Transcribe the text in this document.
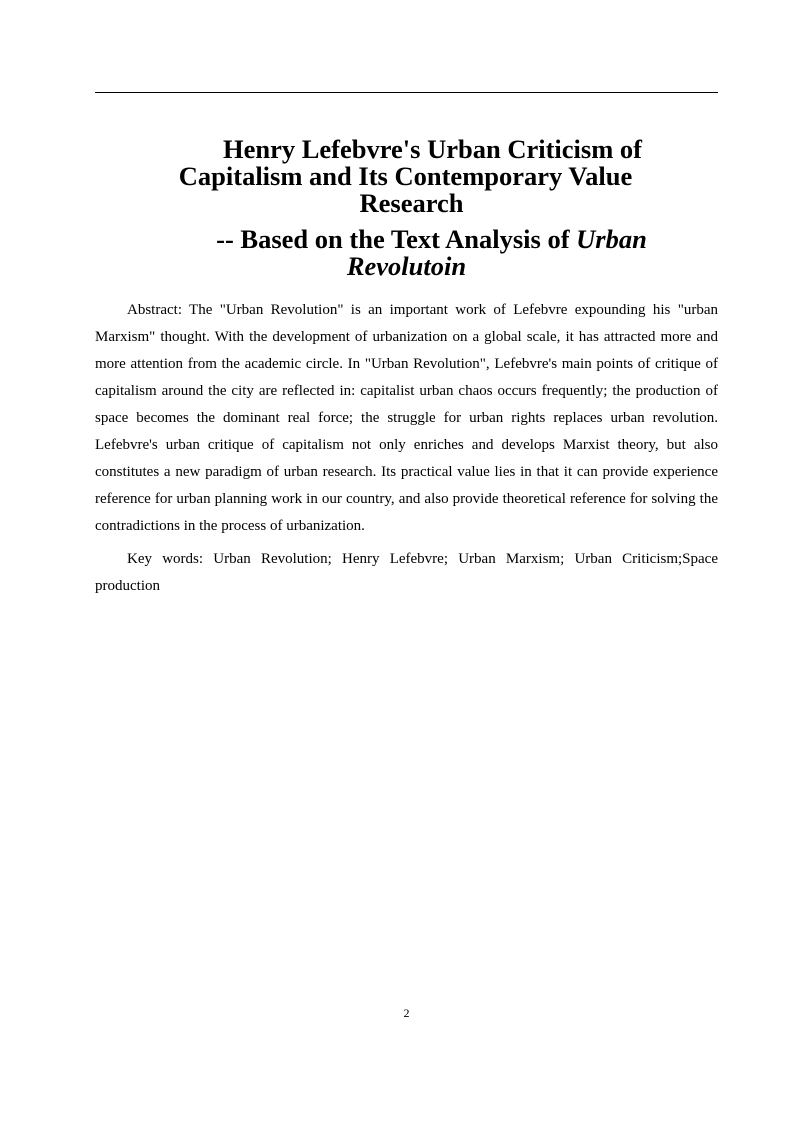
Henry Lefebvre's Urban Criticism of
Capitalism and Its Contemporary Value
Research
-- Based on the Text Analysis of Urban
Revolutoin

Abstract: The "Urban Revolution" is an important work of Lefebvre expounding his "urban Marxism" thought. With the development of urbanization on a global scale, it has attracted more and more attention from the academic circle. In "Urban Revolution", Lefebvre's main points of critique of capitalism around the city are reflected in: capitalist urban chaos occurs frequently; the production of space becomes the dominant real force; the struggle for urban rights replaces urban revolution. Lefebvre's urban critique of capitalism not only enriches and develops Marxist theory, but also constitutes a new paradigm of urban research. Its practical value lies in that it can provide experience reference for urban planning work in our country, and also provide theoretical reference for solving the contradictions in the process of urbanization.

Key words: Urban Revolution; Henry Lefebvre; Urban Marxism; Urban Criticism;Space production

2
